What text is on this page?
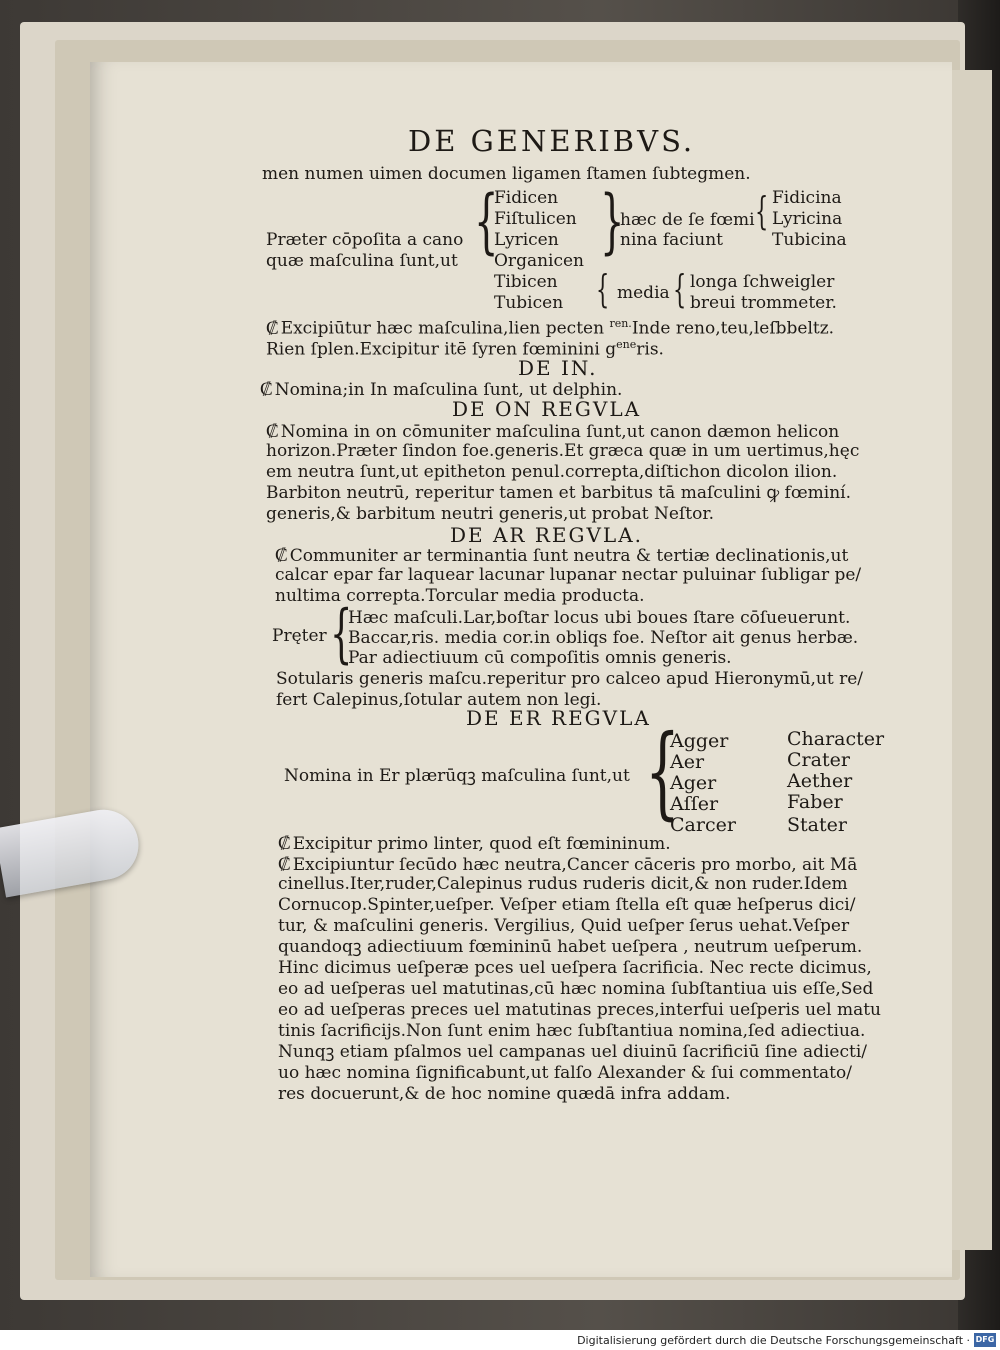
DE GENERIBVS.
men numen uimen documen ligamen ſtamen ſubtegmen.
Præter cōpoſita a cano
quæ maſculina ſunt,ut {
Fidicen
Fiſtulicen
Lyricen
Organicen }
hæc de ſe fœmi
nina faciunt
{ Fidicina
Lyricina
Tubicina
Tibicen
Tubicen { media { longa ſchweigler
breui trommeter.
₡ Excipiūtur hæc maſculina,lien pecten $^{ren.}$Inde reno,teu,leſbbeltz.
Rien ſplen.Excipitur itē ſyren fœminini $g^{ene}ris$.
DE IN.
₡ Nomina;in In maſculina ſunt, ut delphin.
DE ON REGVLA
₡ Nomina in on cōmuniter maſculina ſunt,ut canon dæmon helicon
horizon.Præter ſindon foe.generis.Et græca quæ in um uertimus,hęc
em neutra ſunt,ut epitheton penul.correpta,diſtichon dicolon ilion.
Barbiton neutrū, reperitur tamen et barbitus tā maſculini ꝙ fœminí.
generis,& barbitum neutri generis,ut probat Neſtor.
DE AR REGVLA.
₡ Communiter ar terminantia ſunt neutra & tertiæ declinationis,ut
calcar epar far laquear lacunar lupanar nectar puluinar ſubligar pe/
nultima correpta.Torcular media producta.
Pręter {
Hæc maſculi.Lar,boſtar locus ubi boues ſtare cōſueuerunt.
Baccar,ris. media cor.in obliqs foe. Neſtor ait genus herbæ.
Par adiectiuum cū compoſitis omnis generis.
Sotularis generis maſcu.reperitur pro calceo apud Hieronymū,ut re/
fert Calepinus,ſotular autem non legi.
DE ER REGVLA
Nomina in Er plærūqꝫ maſculina ſunt,ut {
Agger
Aer
Ager
Aſſer
Carcer
Character
Crater
Aether
Faber
Stater
₡ Excipitur primo linter, quod eſt fœmininum.
₡ Excipiuntur ſecūdo hæc neutra,Cancer cāceris pro morbo, ait Mā
cinellus.Iter,ruder,Calepinus rudus ruderis dicit,& non ruder.Idem
Cornucop.Spinter,ueſper. Veſper etiam ſtella eſt quæ heſperus dici/
tur, & maſculini generis. Vergilius, Quid ueſper ſerus uehat.Veſper
quandoqꝫ adiectiuum fœmininū habet ueſpera , neutrum ueſperum.
Hinc dicimus ueſperæ pces uel ueſpera ſacrificia. Nec recte dicimus,
eo ad ueſperas uel matutinas,cū hæc nomina ſubſtantiua uis eſſe,Sed
eo ad ueſperas preces uel matutinas preces,interfui ueſperis uel matu
tinis ſacrificijs.Non ſunt enim hæc ſubſtantiua nomina,ſed adiectiua.
Nunqꝫ etiam pſalmos uel campanas uel diuinū ſacrificiū ſine adiecti/
uo hæc nomina ſignificabunt,ut falſo Alexander & ſui commentato/
res docuerunt,& de hoc nomine quædā infra addam.
Digitalisierung gefördert durch die Deutsche Forschungsgemeinschaft · DFG
